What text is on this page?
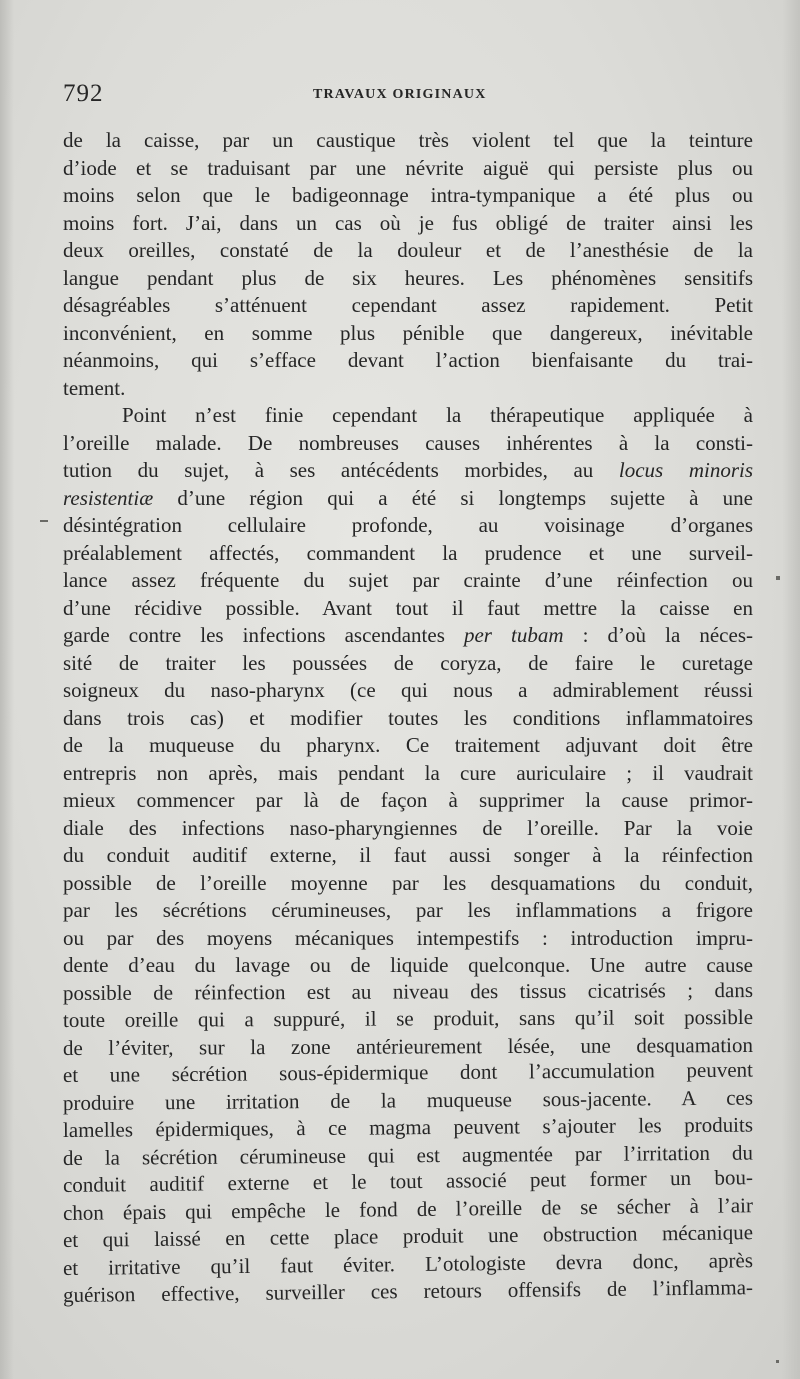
792	TRAVAUX ORIGINAUX
de la caisse, par un caustique très violent tel que la teinture
d’iode et se traduisant par une névrite aiguë qui persiste plus ou
moins selon que le badigeonnage intra-tympanique a été plus ou
moins fort. J’ai, dans un cas où je fus obligé de traiter ainsi les
deux oreilles, constaté de la douleur et de l’anesthésie de la
langue pendant plus de six heures. Les phénomènes sensitifs
désagréables s’atténuent cependant assez rapidement. Petit
inconvénient, en somme plus pénible que dangereux, inévitable
néanmoins, qui s’efface devant l’action bienfaisante du trai-
tement.
Point n’est finie cependant la thérapeutique appliquée à
l’oreille malade. De nombreuses causes inhérentes à la consti-
tution du sujet, à ses antécédents morbides, au locus minoris
resistentiæ d’une région qui a été si longtemps sujette à une
désintégration cellulaire profonde, au voisinage d’organes
préalablement affectés, commandent la prudence et une surveil-
lance assez fréquente du sujet par crainte d’une réinfection ou
d’une récidive possible. Avant tout il faut mettre la caisse en
garde contre les infections ascendantes per tubam : d’où la néces-
sité de traiter les poussées de coryza, de faire le curetage
soigneux du naso-pharynx (ce qui nous a admirablement réussi
dans trois cas) et modifier toutes les conditions inflammatoires
de la muqueuse du pharynx. Ce traitement adjuvant doit être
entrepris non après, mais pendant la cure auriculaire ; il vaudrait
mieux commencer par là de façon à supprimer la cause primor-
diale des infections naso-pharyngiennes de l’oreille. Par la voie
du conduit auditif externe, il faut aussi songer à la réinfection
possible de l’oreille moyenne par les desquamations du conduit,
par les sécrétions cérumineuses, par les inflammations a frigore
ou par des moyens mécaniques intempestifs : introduction impru-
dente d’eau du lavage ou de liquide quelconque. Une autre cause
possible de réinfection est au niveau des tissus cicatrisés ; dans
toute oreille qui a suppuré, il se produit, sans qu’il soit possible
de l’éviter, sur la zone antérieurement lésée, une desquamation
et une sécrétion sous-épidermique dont l’accumulation peuvent
produire une irritation de la muqueuse sous-jacente. A ces
lamelles épidermiques, à ce magma peuvent s’ajouter les produits
de la sécrétion cérumineuse qui est augmentée par l’irritation du
conduit auditif externe et le tout associé peut former un bou-
chon épais qui empêche le fond de l’oreille de se sécher à l’air
et qui laissé en cette place produit une obstruction mécanique
et irritative qu’il faut éviter. L’otologiste devra donc, après
guérison effective, surveiller ces retours offensifs de l’inflamma-
